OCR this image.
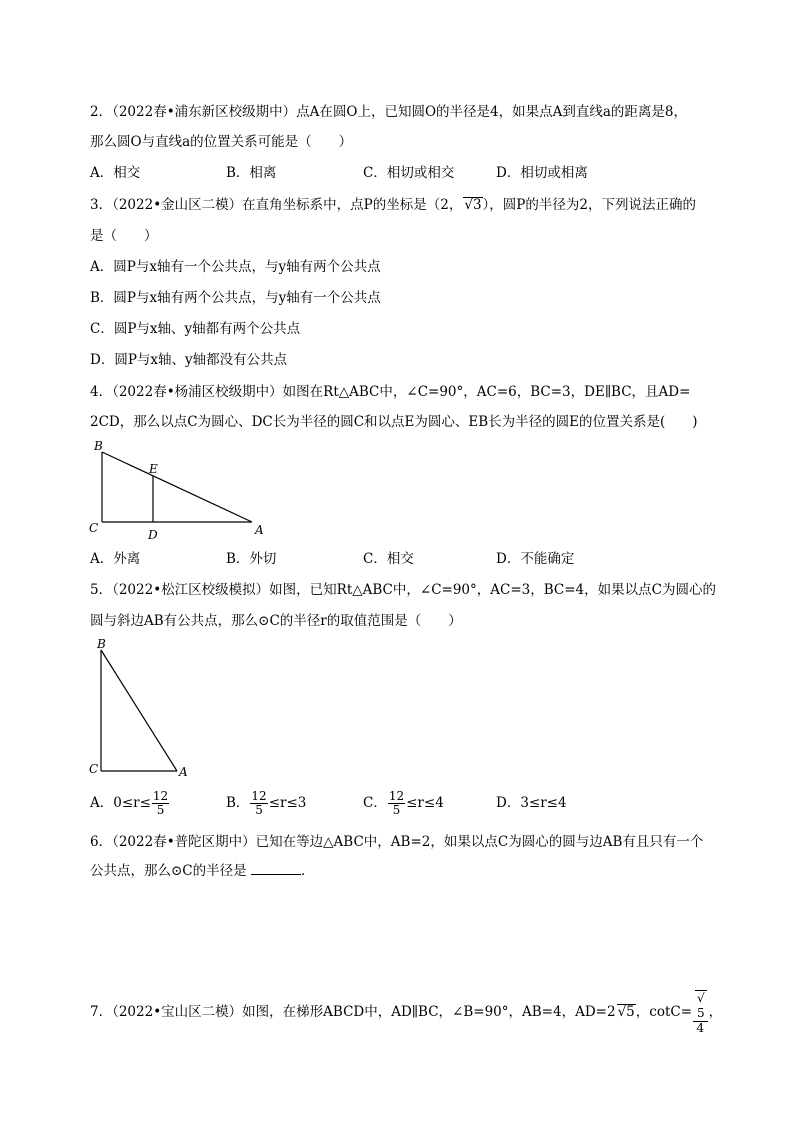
2．（2022春•浦东新区校级期中）点A在圆O上，已知圆O的半径是4，如果点A到直线a的距离是8，
那么圆O与直线a的位置关系可能是（　　）
A．相交	B．相离	C．相切或相交	D．相切或相离
3．（2022•金山区二模）在直角坐标系中，点P的坐标是（2， √3），圆P的半径为2，下列说法正确的
是（　　）
A．圆P与x轴有一个公共点，与y轴有两个公共点
B．圆P与x轴有两个公共点，与y轴有一个公共点
C．圆P与x轴、y轴都有两个公共点
D．圆P与x轴、y轴都没有公共点
4．（2022春•杨浦区校级期中）如图在Rt△ABC中，∠C=90°，AC=6，BC=3，DE∥BC，且AD=
2CD，那么以点C为圆心、DC长为半径的圆C和以点E为圆心、EB长为半径的圆E的位置关系是(　　)
B
E
C	D	A
A．外离	B．外切	C．相交	D．不能确定
5．（2022•松江区校级模拟）如图，已知Rt△ABC中，∠C=90°，AC=3，BC=4，如果以点C为圆心的
圆与斜边AB有公共点，那么⊙C的半径r的取值范围是（　　）
B
C	A
A．$0\le r\le \frac{12}{5}$	B． $\frac{12}{5} \le r\le 3$	C． $\frac{12}{5} \le r\le 4$	D．3≤r≤4
6．（2022春•普陀区期中）已知在等边△ABC中，AB=2，如果以点C为圆心的圆与边AB有且只有一个
公共点，那么⊙C的半径是	．
7．（2022•宝山区二模）如图，在梯形ABCD中，AD∥BC，∠B=90°，AB=4，AD=2 √5，cotC= √
5
4 ，
